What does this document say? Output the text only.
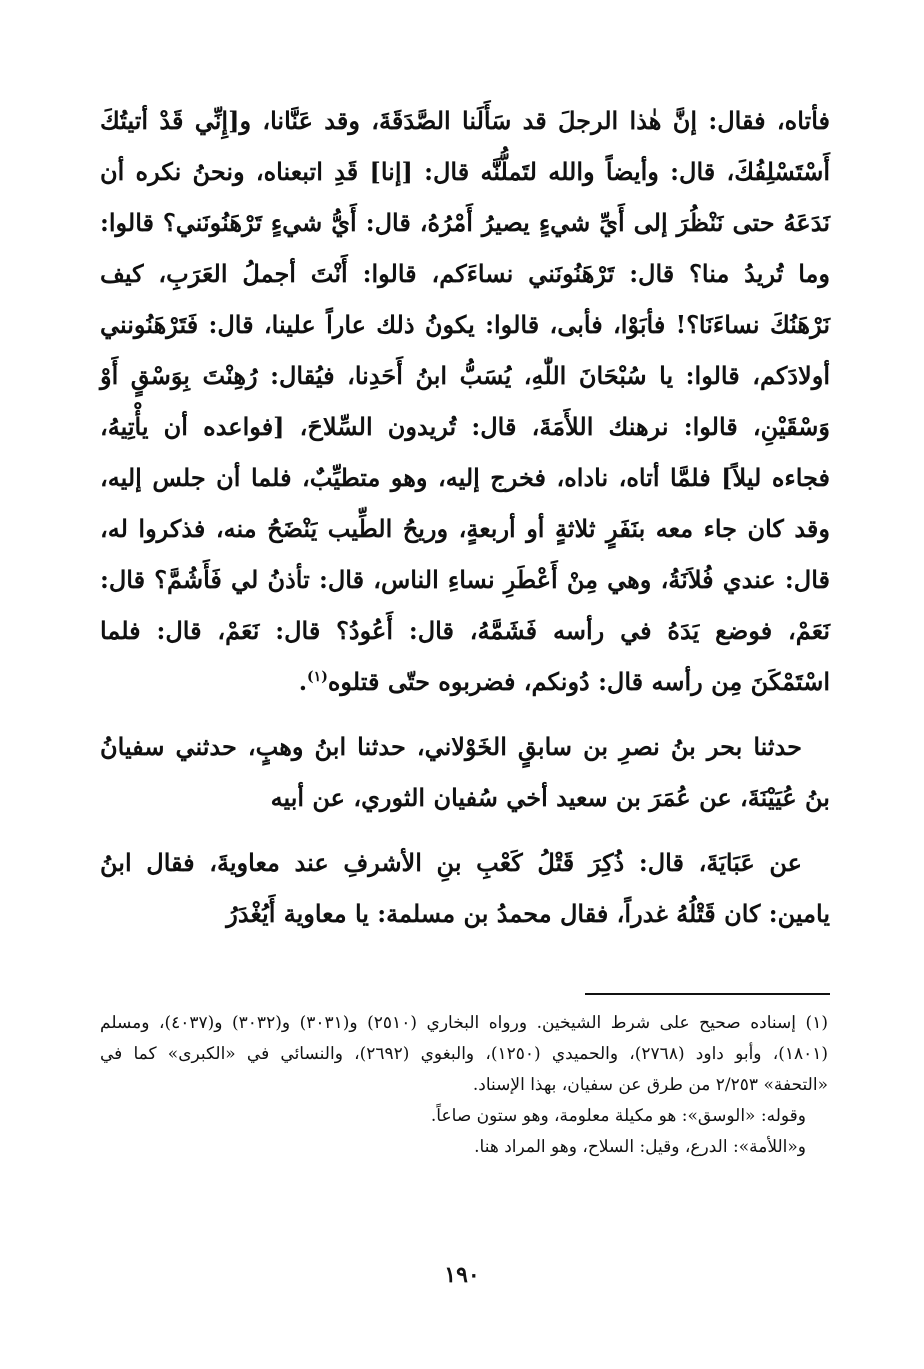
فأتاه، فقال: إنَّ هٰذا الرجلَ قد سَأَلَنا الصَّدَقَةَ، وقد عَنَّانا، و[إِنِّي قَدْ أتيتُكَ أَسْتَسْلِفُكَ، قال: وأيضاً والله لتَملُّنَّه قال: [إنا] قَدِ اتبعناه، ونحنُ نكره أن نَدَعَهُ حتى نَنْظُرَ إلى أَيِّ شيءٍ يصيرُ أَمْرُهُ، قال: أَيُّ شيءٍ تَرْهَنُونَني؟ قالوا: وما تُريدُ منا؟ قال: تَرْهَنُونَني نساءَكم، قالوا: أَنْتَ أجملُ العَرَبِ، كيف نَرْهَنُكَ نساءَنَا؟! فأبَوْا، فأبى، قالوا: يكونُ ذلك عاراً علينا، قال: فَتَرْهَنُونني أولادَكم، قالوا: يا سُبْحَانَ اللّٰهِ، يُسَبُّ ابنُ أَحَدِنا، فيُقال: رُهِنْتَ بِوَسْقٍ أَوْ وَسْقَيْنِ، قالوا: نرهنك اللأَمَةَ، قال: تُريدون السِّلاحَ، [فواعده أن يأْتِيهُ، فجاءه ليلاً] فلمَّا أتاه، ناداه، فخرج إليه، وهو متطيِّبٌ، فلما أن جلس إليه، وقد كان جاء معه بنَفَرٍ ثلاثةٍ أو أربعةٍ، وريحُ الطِّيب يَنْضَحُ منه، فذكروا له، قال: عندي فُلاَنَةُ، وهي مِنْ أَعْطَرِ نساءِ الناس، قال: تأذنُ لي فَأَشُمَّ؟ قال: نَعَمْ، فوضع يَدَهُ في رأسه فَشَمَّهُ، قال: أَعُودُ؟ قال: نَعَمْ، قال: فلما اسْتَمْكَنَ مِن رأسه قال: دُونكم، فضربوه حتّى قتلوه$^{(١)}$.

حدثنا بحر بنُ نصرِ بن سابقٍ الخَوْلاني، حدثنا ابنُ وهبٍ، حدثني سفيانُ بنُ عُيَيْنَةَ، عن عُمَرَ بن سعيد أخي سُفيان الثوري، عن أبيه

عن عَبَايَةَ، قال: ذُكِرَ قَتْلُ كَعْبِ بنِ الأشرفِ عند معاويةَ، فقال ابنُ يامين: كان قَتْلُهُ غدراً، فقال محمدُ بن مسلمة: يا معاوية أَيُغْدَرُ

(١) إسناده صحيح على شرط الشيخين. ورواه البخاري (٢٥١٠) و(٣٠٣١) و(٣٠٣٢) و(٤٠٣٧)، ومسلم (١٨٠١)، وأبو داود (٢٧٦٨)، والحميدي (١٢٥٠)، والبغوي (٢٦٩٢)، والنسائي في «الكبرى» كما في «التحفة» ٢/٢٥٣ من طرق عن سفيان، بهذا الإسناد.

وقوله: «الوسق»: هو مكيلة معلومة، وهو ستون صاعاً.

و«اللأمة»: الدرع، وقيل: السلاح، وهو المراد هنا.

١٩٠
